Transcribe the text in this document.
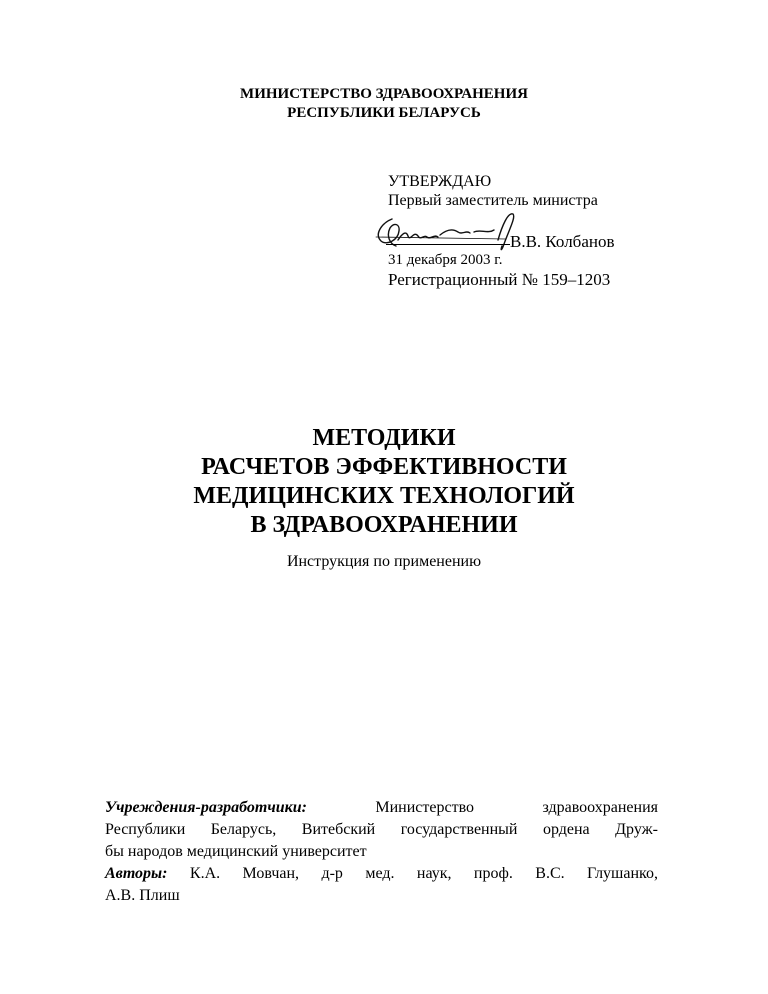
МИНИСТЕРСТВО ЗДРАВООХРАНЕНИЯ
РЕСПУБЛИКИ БЕЛАРУСЬ
УТВЕРЖДАЮ
Первый заместитель министра
В.В. Колбанов
31 декабря 2003 г.
Регистрационный № 159–1203
МЕТОДИКИ
РАСЧЕТОВ ЭФФЕКТИВНОСТИ
МЕДИЦИНСКИХ ТЕХНОЛОГИЙ
В ЗДРАВООХРАНЕНИИ
Инструкция по применению
Учреждения-разработчики:	Министерство здравоохранения
Республики Беларусь, Витебский государственный ордена Друж-
бы народов медицинский университет
Авторы: К.А. Мовчан, д-р мед. наук, проф. В.С. Глушанко,
А.В. Плиш
